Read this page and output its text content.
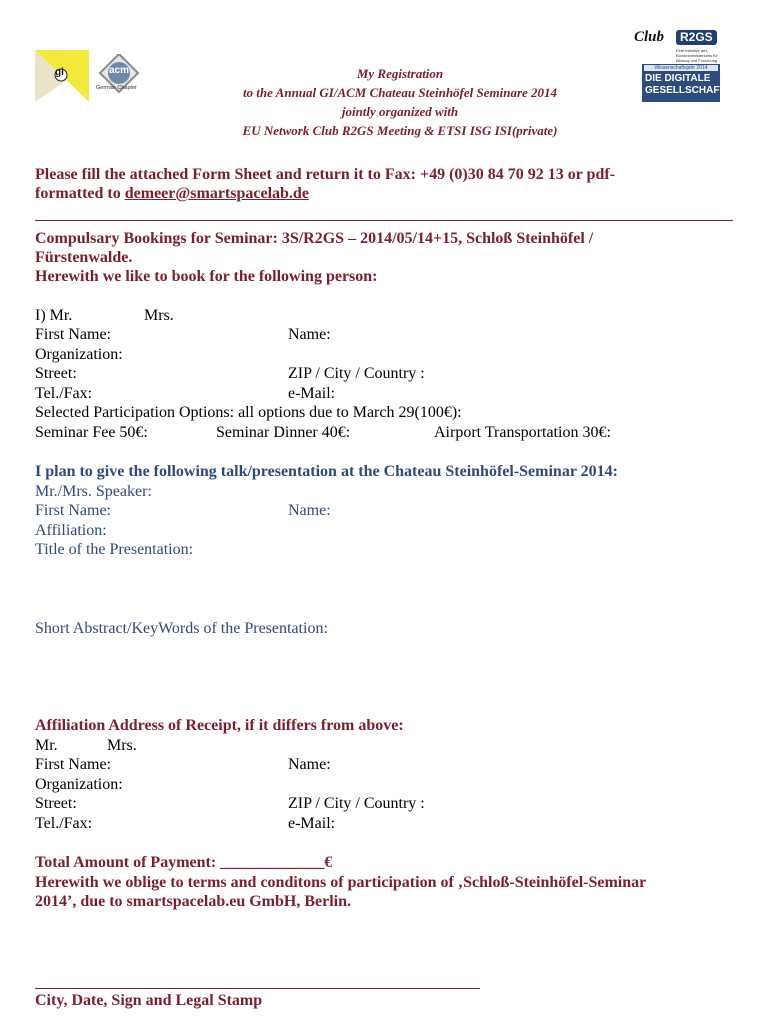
gi	acm
German Chapter
Club	R2GS
Eine Initiative des Bundesministeriums für Bildung und Forschung
Wissenschaftsjahr 2014
DIE DIGITALE
GESELLSCHAFT
My Registration
to the Annual GI/ACM Chateau Steinhöfel Seminare 2014
jointly organized with
EU Network Club R2GS Meeting & ETSI ISG ISI(private)
Please fill the attached Form Sheet and return it to Fax: +49 (0)30 84 70 92 13 or pdf-
formatted to demeer@smartspacelab.de
Compulsary Bookings for Seminar: 3S/R2GS – 2014/05/14+15, Schloß Steinhöfel /
Fürstenwalde.
Herewith we like to book for the following person:
I) Mr.	Mrs.
First Name:	Name:
Organization:
Street:	ZIP / City / Country :
Tel./Fax:	e-Mail:
Selected Participation Options: all options due to March 29(100€):
Seminar Fee 50€:	Seminar Dinner 40€:	Airport Transportation 30€:
I plan to give the following talk/presentation at the Chateau Steinhöfel-Seminar 2014:
Mr./Mrs. Speaker:
First Name:	Name:
Affiliation:
Title of the Presentation:
Short Abstract/KeyWords of the Presentation:
Affiliation Address of Receipt, if it differs from above:
Mr.	Mrs.
First Name:	Name:
Organization:
Street:	ZIP / City / Country :
Tel./Fax:	e-Mail:
Total Amount of Payment: _____________€
Herewith we oblige to terms and conditons of participation of ‚Schloß-Steinhöfel-Seminar
2014’, due to smartspacelab.eu GmbH, Berlin.
City, Date, Sign and Legal Stamp
